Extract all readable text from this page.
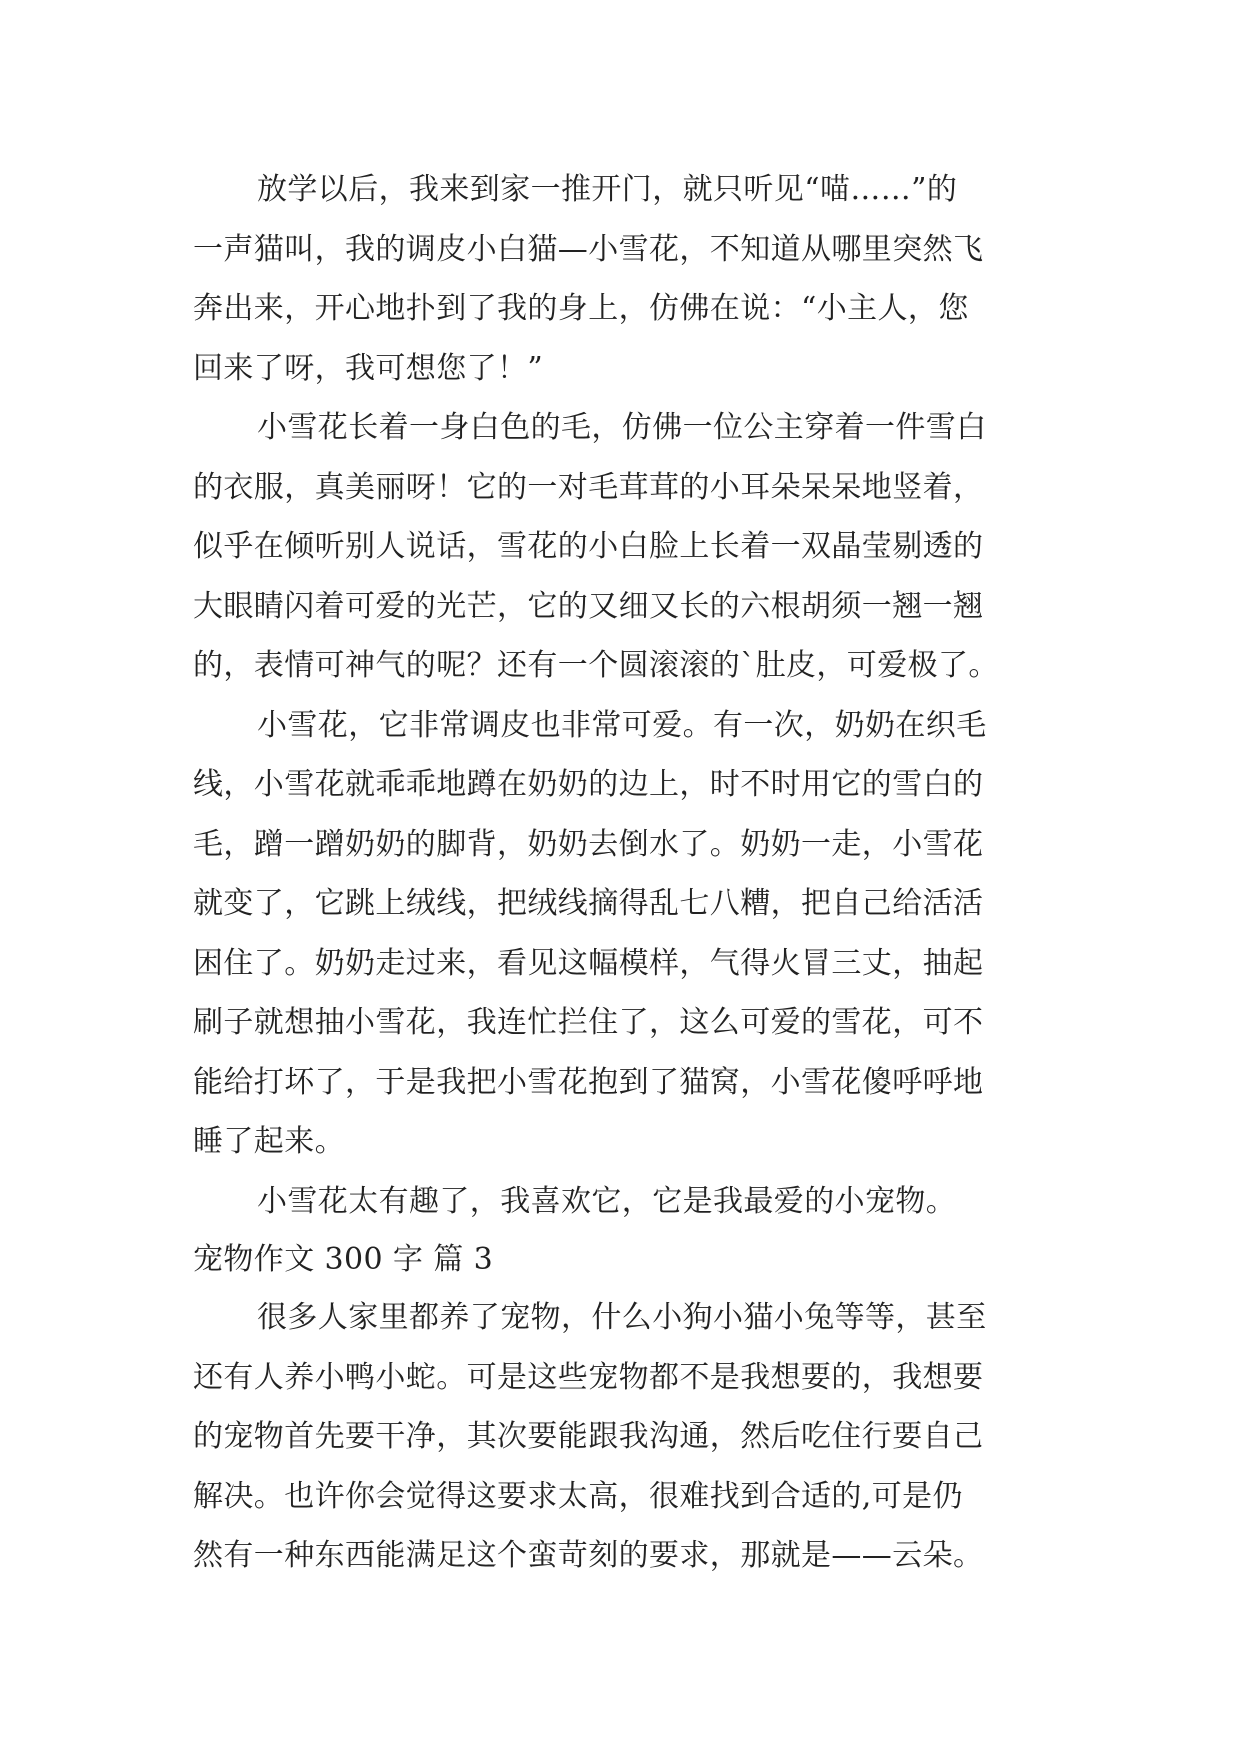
放学以后，我来到家一推开门，就只听见“喵……”的
一声猫叫，我的调皮小白猫—小雪花，不知道从哪里突然飞
奔出来，开心地扑到了我的身上，仿佛在说：“小主人，您
回来了呀，我可想您了！”
小雪花长着一身白色的毛，仿佛一位公主穿着一件雪白
的衣服，真美丽呀！它的一对毛茸茸的小耳朵呆呆地竖着，
似乎在倾听别人说话，雪花的小白脸上长着一双晶莹剔透的
大眼睛闪着可爱的光芒，它的又细又长的六根胡须一翘一翘
的，表情可神气的呢？还有一个圆滚滚的`肚皮，可爱极了。
小雪花，它非常调皮也非常可爱。有一次，奶奶在织毛
线，小雪花就乖乖地蹲在奶奶的边上，时不时用它的雪白的
毛，蹭一蹭奶奶的脚背，奶奶去倒水了。奶奶一走，小雪花
就变了，它跳上绒线，把绒线摘得乱七八糟，把自己给活活
困住了。奶奶走过来，看见这幅模样，气得火冒三丈，抽起
刷子就想抽小雪花，我连忙拦住了，这么可爱的雪花，可不
能给打坏了，于是我把小雪花抱到了猫窝，小雪花傻呼呼地
睡了起来。
小雪花太有趣了，我喜欢它，它是我最爱的小宠物。
宠物作文 300 字 篇 3
很多人家里都养了宠物，什么小狗小猫小兔等等，甚至
还有人养小鸭小蛇。可是这些宠物都不是我想要的，我想要
的宠物首先要干净，其次要能跟我沟通，然后吃住行要自己
解决。也许你会觉得这要求太高，很难找到合适的,可是仍
然有一种东西能满足这个蛮苛刻的要求，那就是——云朵。
